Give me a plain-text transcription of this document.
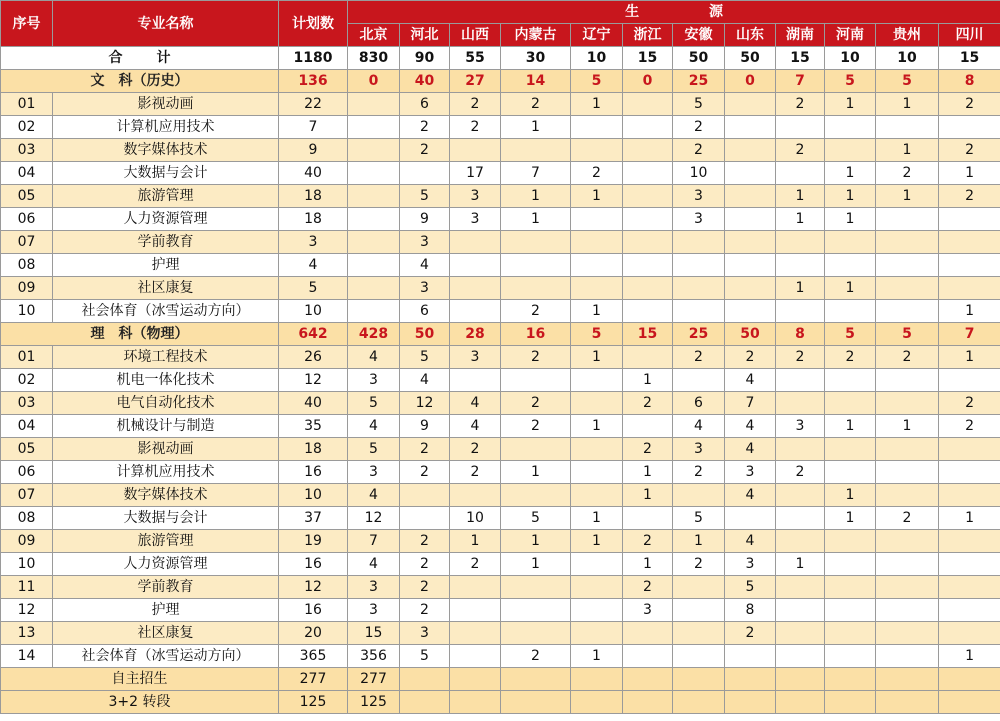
序号	专业名称	计划数	生源											
			北京	河北	山西	内蒙古	辽宁	浙江	安徽	山东	湖南	河南	贵州	四川
合计		1180	830	90	55	30	10	15	50	50	15	10	10	15
文　科（历史）		136	0	40	27	14	5	0	25	0	7	5	5	8
01	影视动画	22		6	2	2	1		5		2	1	1	2
02	计算机应用技术	7		2	2	1			2					
03	数字媒体技术	9		2					2		2		1	2
04	大数据与会计	40			17	7	2		10			1	2	1
05	旅游管理	18		5	3	1	1		3		1	1	1	2
06	人力资源管理	18		9	3	1			3		1	1		
07	学前教育	3		3										
08	护理	4		4										
09	社区康复	5		3							1	1		
10	社会体育（冰雪运动方向）	10		6		2	1							1
理　科（物理）		642	428	50	28	16	5	15	25	50	8	5	5	7
01	环境工程技术	26	4	5	3	2	1		2	2	2	2	2	1
02	机电一体化技术	12	3	4				1		4				
03	电气自动化技术	40	5	12	4	2		2	6	7				2
04	机械设计与制造	35	4	9	4	2	1		4	4	3	1	1	2
05	影视动画	18	5	2	2			2	3	4				
06	计算机应用技术	16	3	2	2	1		1	2	3	2			
07	数字媒体技术	10	4					1		4		1		
08	大数据与会计	37	12		10	5	1		5			1	2	1
09	旅游管理	19	7	2	1	1	1	2	1	4				
10	人力资源管理	16	4	2	2	1		1	2	3	1			
11	学前教育	12	3	2				2		5				
12	护理	16	3	2				3		8				
13	社区康复	20	15	3						2				
14	社会体育（冰雪运动方向）	365	356	5		2	1							1
自主招生		277	277											
3+2 转段		125	125											
